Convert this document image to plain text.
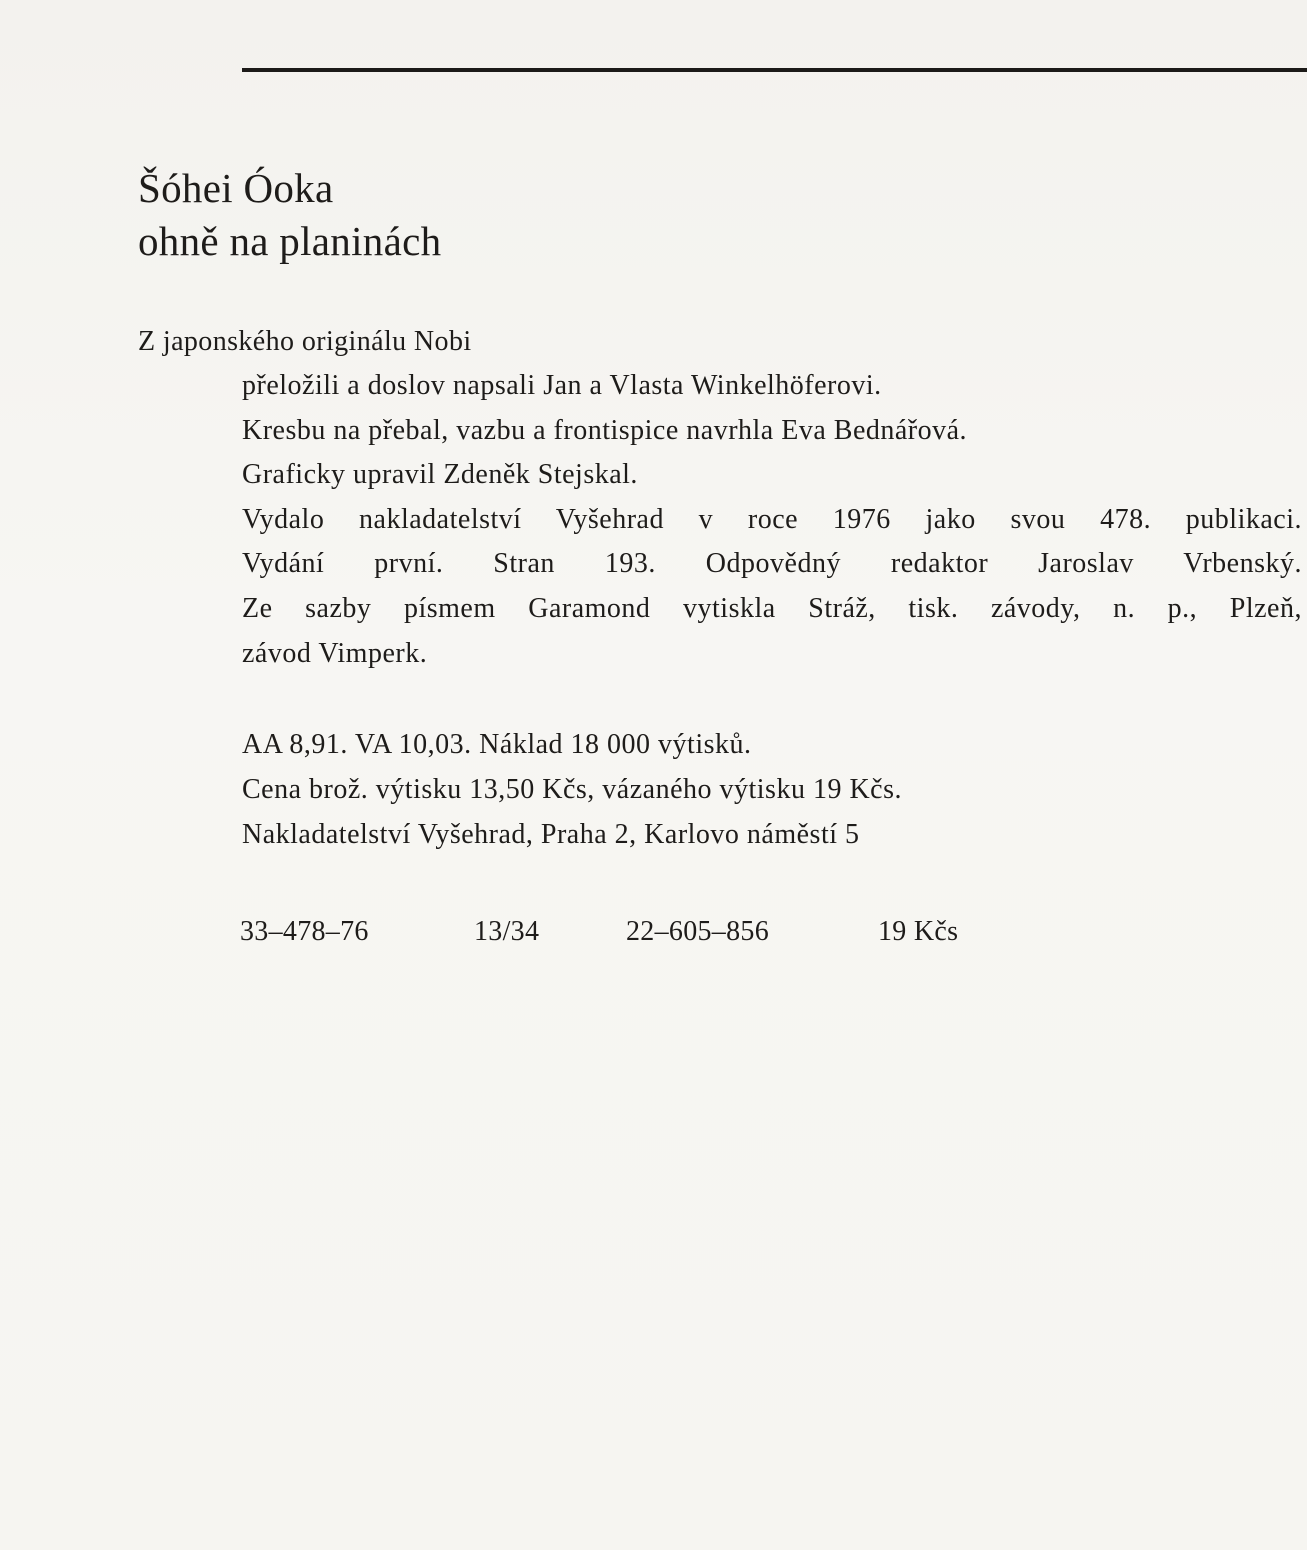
Šóhei Óoka
ohně na planinách
Z japonského originálu Nobi
přeložili a doslov napsali Jan a Vlasta Winkelhöferovi.
Kresbu na přebal, vazbu a frontispice navrhla Eva Bednářová.
Graficky upravil Zdeněk Stejskal.
Vydalo nakladatelství Vyšehrad v roce 1976 jako svou 478. publikaci.
Vydání první. Stran 193. Odpovědný redaktor Jaroslav Vrbenský.
Ze sazby písmem Garamond vytiskla Stráž, tisk. závody, n. p., Plzeň,
závod Vimperk.
AA 8,91. VA 10,03. Náklad 18 000 výtisků.
Cena brož. výtisku 13,50 Kčs, vázaného výtisku 19 Kčs.
Nakladatelství Vyšehrad, Praha 2, Karlovo náměstí 5
33–478–76	13/34	22–605–856	19 Kčs
